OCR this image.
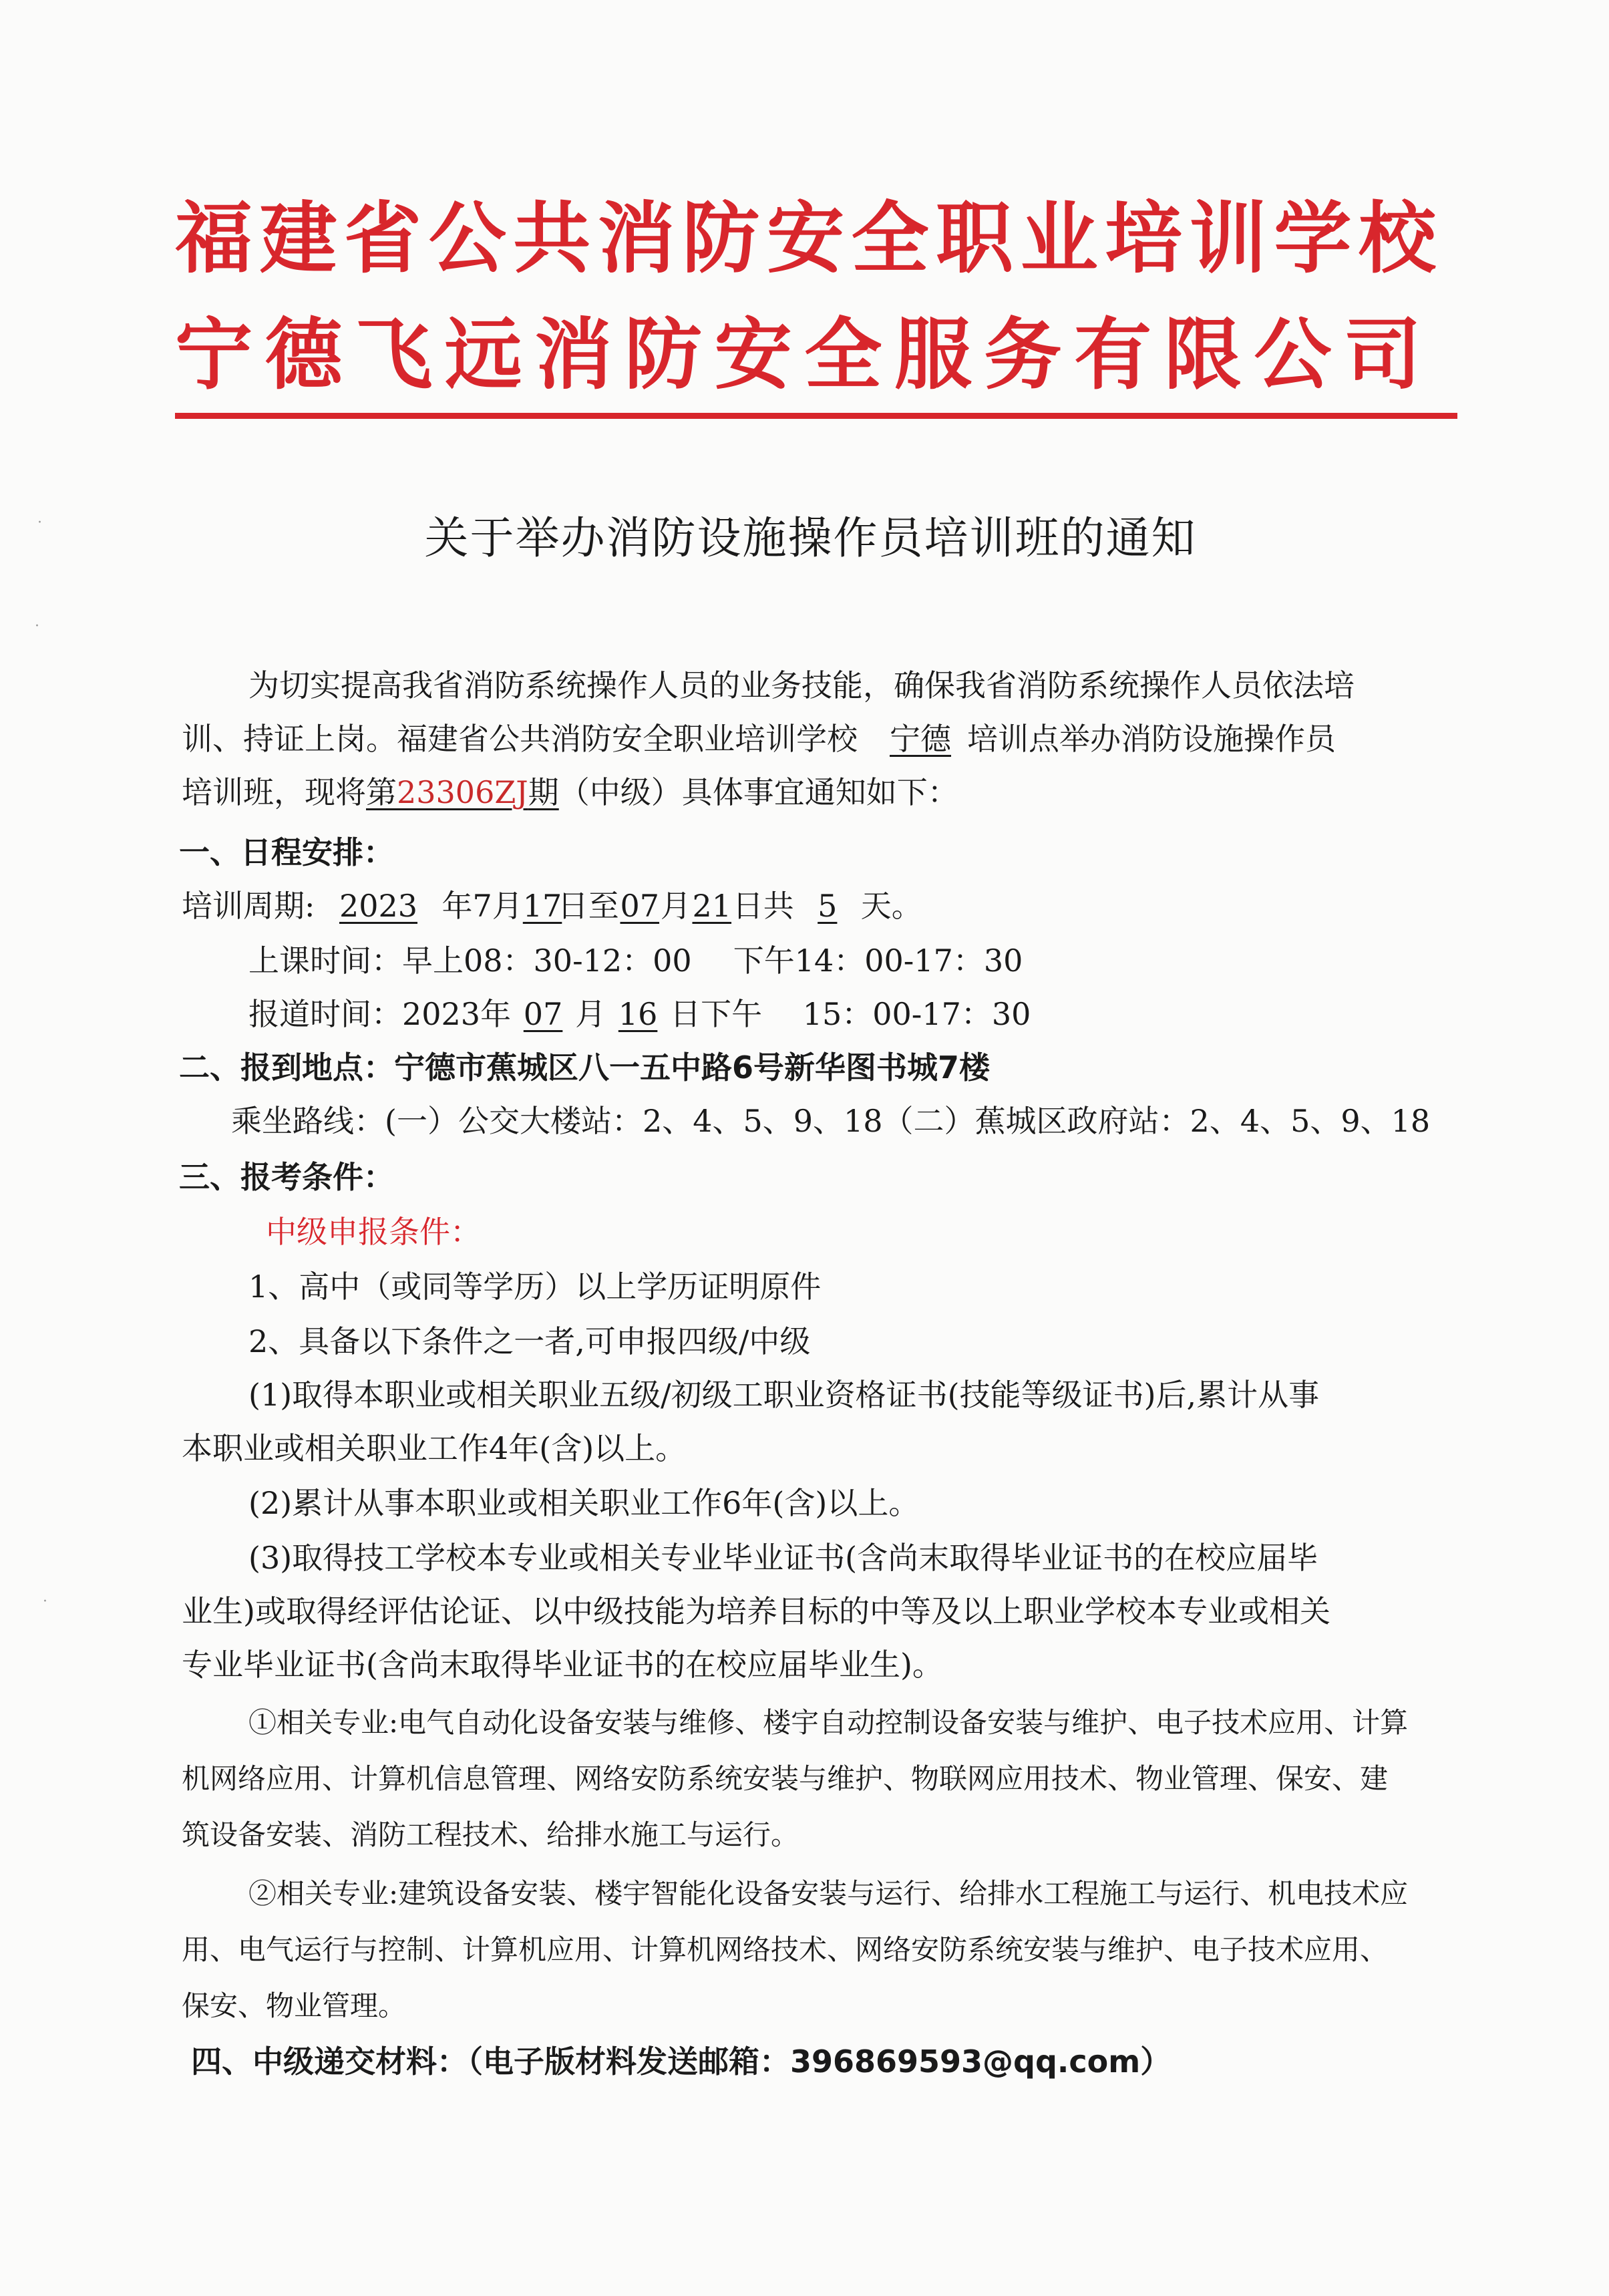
福 建 省 公 共 消 防 安 全 职 业 培 训 学 校
宁 德 飞 远 消 防 安 全 服 务 有 限 公 司
关于举办消防设施操作员培训班的通知
为切实提高我省消防系统操作人员的业务技能，确保我省消防系统操作人员依法培
训、持证上岗。福建省公共消防安全职业培训学校 宁德 培训点举办消防设施操作员
培训班，现将第23306ZJ期（中级）具体事宜通知如下：
一、日程安排：
培训周期: 2023 年7月17日至07月21日共 5 天。
上课时间：早上08：30-12：00 下午14：00-17：30
报道时间：2023年 07 月 16 日下午　 15：00-17：30
二、报到地点：宁德市蕉城区八一五中路6号新华图书城7楼
乘坐路线：(一）公交大楼站：2、4、5、9、18（二）蕉城区政府站：2、4、5、9、18
三、报考条件：
中级申报条件：
1、高中（或同等学历）以上学历证明原件
2、具备以下条件之一者,可申报四级/中级
(1)取得本职业或相关职业五级/初级工职业资格证书(技能等级证书)后,累计从事
本职业或相关职业工作4年(含)以上。
(2)累计从事本职业或相关职业工作6年(含)以上。
(3)取得技工学校本专业或相关专业毕业证书(含尚末取得毕业证书的在校应届毕
业生)或取得经评估论证、以中级技能为培养目标的中等及以上职业学校本专业或相关
专业毕业证书(含尚末取得毕业证书的在校应届毕业生)。
①相关专业:电气自动化设备安装与维修、楼宇自动控制设备安装与维护、电子技术应用、计算
机网络应用、计算机信息管理、网络安防系统安装与维护、物联网应用技术、物业管理、保安、建
筑设备安装、消防工程技术、给排水施工与运行。
②相关专业:建筑设备安装、楼宇智能化设备安装与运行、给排水工程施工与运行、机电技术应
用、电气运行与控制、计算机应用、计算机网络技术、网络安防系统安装与维护、电子技术应用、
保安、物业管理。
四、中级递交材料：（电子版材料发送邮箱：396869593@qq.com）
·
·
·
